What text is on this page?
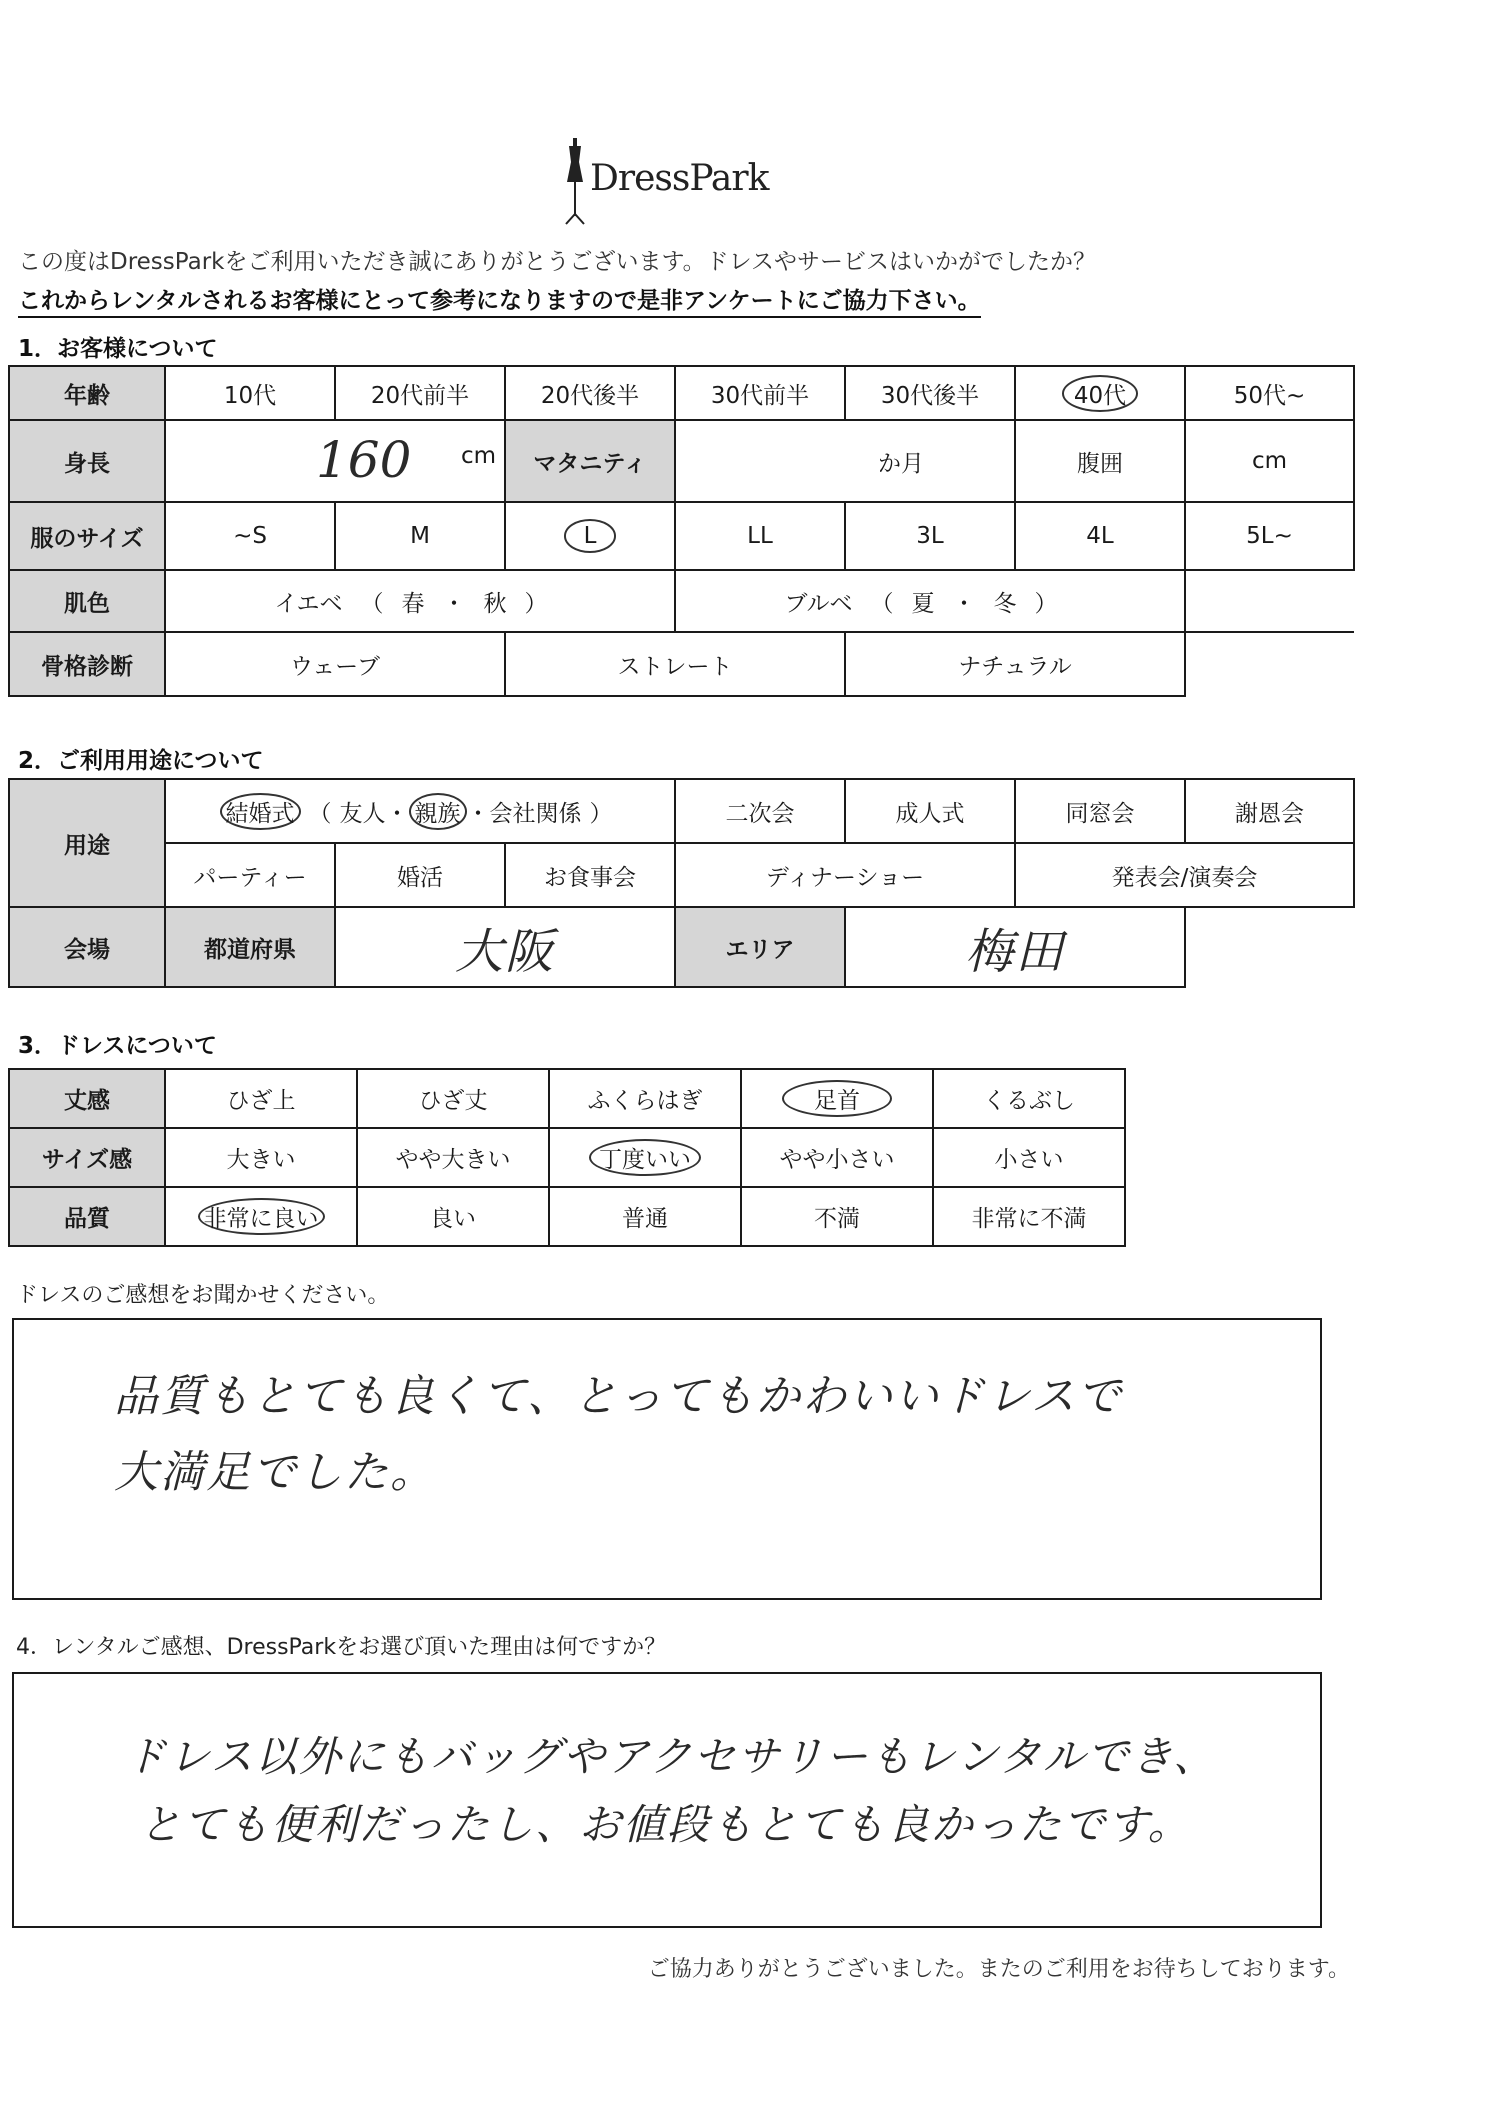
DressPark
この度はDressParkをご利用いただき誠にありがとうございます。ドレスやサービスはいかがでしたか？
これからレンタルされるお客様にとって参考になりますので是非アンケートにご協力下さい。
1．お客様について
年齢	10代	20代前半	20代後半	30代前半	30代後半	40代	50代~
身長	160 cm		マタニティ	か月		腹囲	cm
服のサイズ	~S	M	L	LL	3L	4L	5L~
肌色	イエベ （ 春 ・ 秋 ）			ブルベ （ 夏 ・ 冬 ）			
骨格診断	ウェーブ		ストレート		ナチュラル		
2．ご利用用途について
用途	結婚式 （ 友人・ 親族 ・会社関係 ）			二次会	成人式	同窓会	謝恩会
	パーティー	婚活	お食事会	ディナーショー		発表会/演奏会	
会場	都道府県	大阪		エリア	梅田		
3．ドレスについて
丈感	ひざ上	ひざ丈	ふくらはぎ	足首	くるぶし
サイズ感	大きい	やや大きい	丁度いい	やや小さい	小さい
品質	非常に良い	良い	普通	不満	非常に不満
ドレスのご感想をお聞かせください。
品質もとても良くて、とってもかわいいドレスで
大満足でした。
4．レンタルご感想、DressParkをお選び頂いた理由は何ですか？
ドレス以外にもバッグやアクセサリーもレンタルでき、
とても便利だったし、お値段もとても良かったです。
ご協力ありがとうございました。またのご利用をお待ちしております。
